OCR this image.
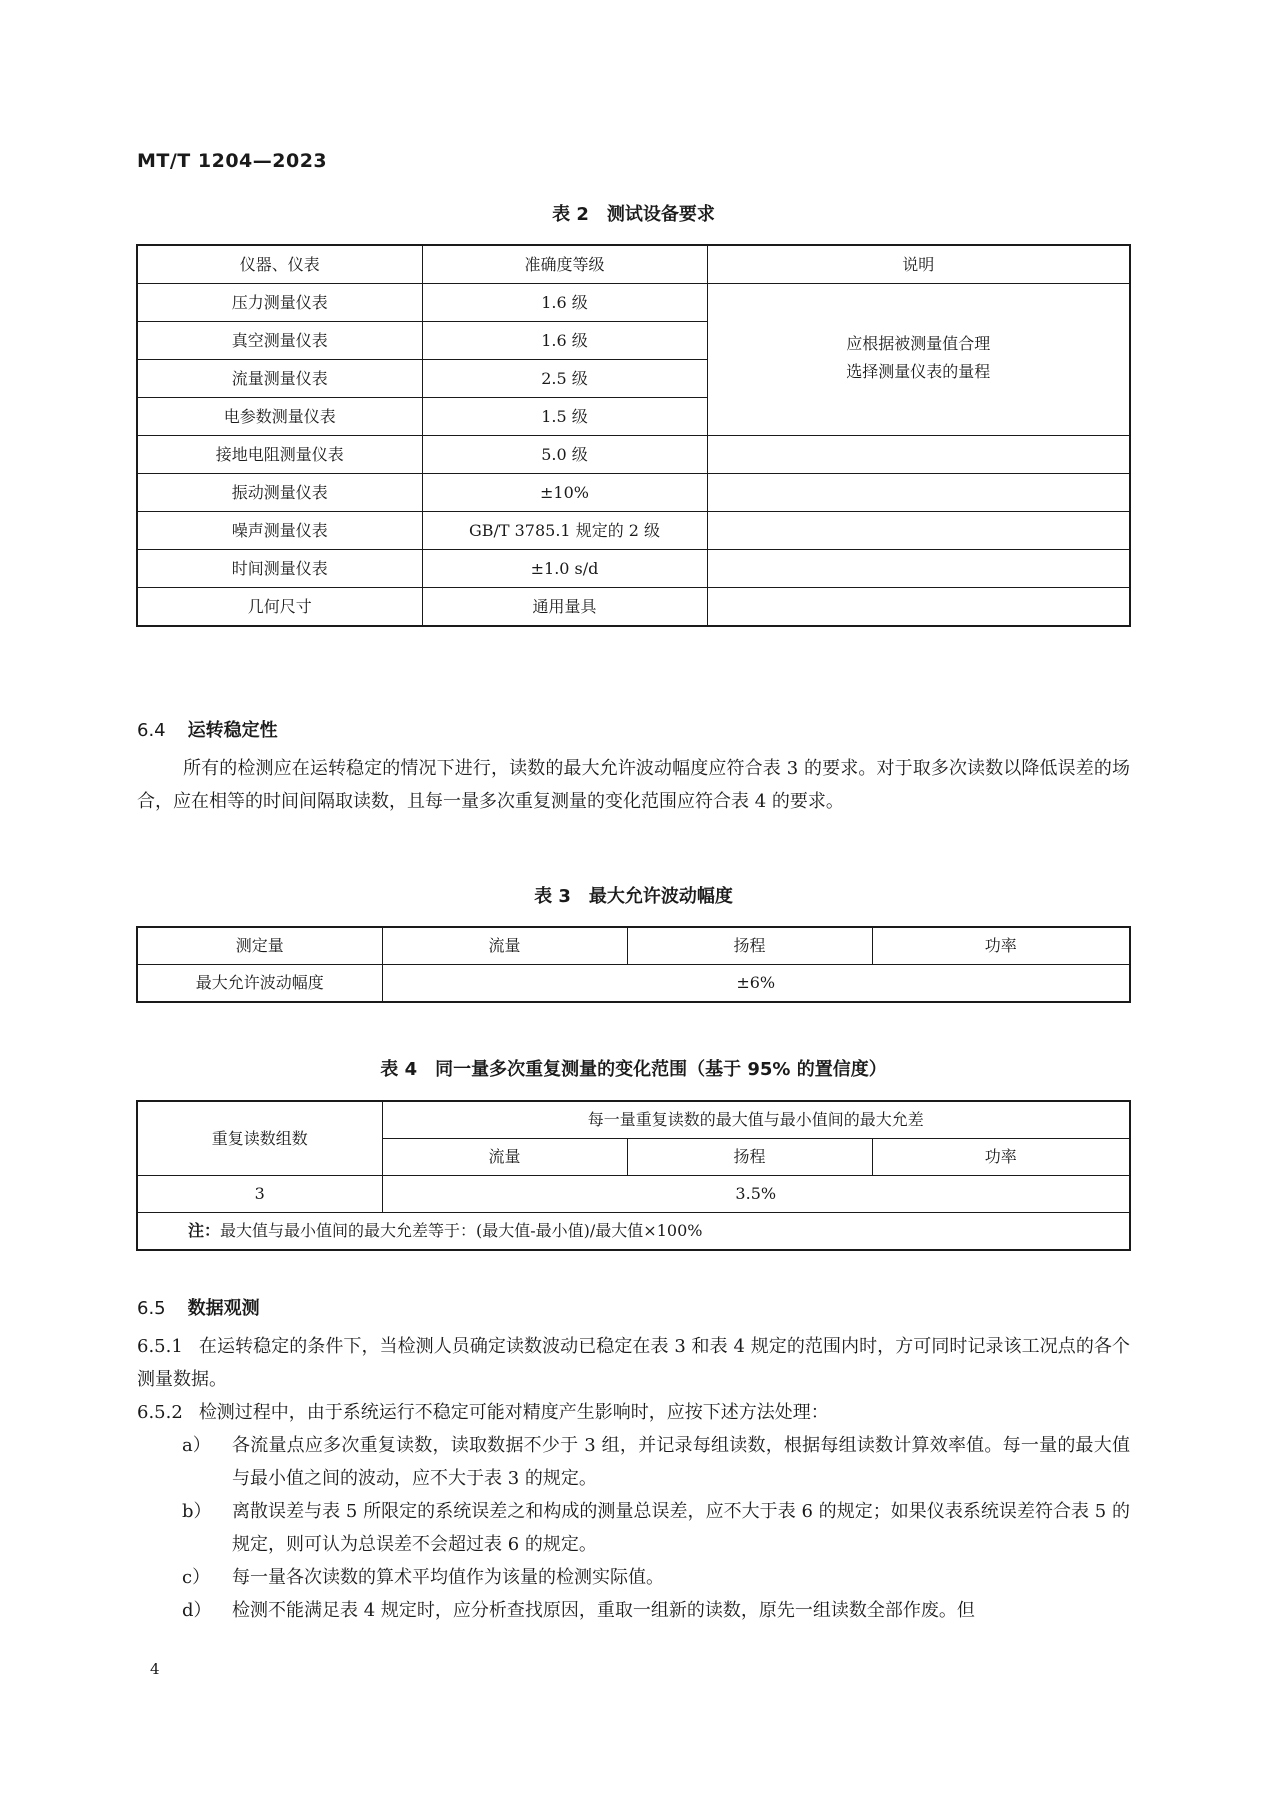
MT/T 1204—2023
表 2　测试设备要求
仪器、仪表	准确度等级	说明
压力测量仪表	1.6 级	应根据被测量值合理
选择测量仪表的量程

真空测量仪表	1.6 级	
流量测量仪表	2.5 级	
电参数测量仪表	1.5 级	
接地电阻测量仪表	5.0 级	
振动测量仪表	±10%	
噪声测量仪表	GB/T 3785.1 规定的 2 级	
时间测量仪表	±1.0 s/d	
几何尺寸	通用量具	
6.4 运转稳定性
所有的检测应在运转稳定的情况下进行，读数的最大允许波动幅度应符合表 3 的要求。对于取多次读数以降低误差的场合，应在相等的时间间隔取读数，且每一量多次重复测量的变化范围应符合表 4 的要求。
表 3　最大允许波动幅度
测定量	流量	扬程	功率
最大允许波动幅度	±6%		
表 4　同一量多次重复测量的变化范围（基于 95% 的置信度）
重复读数组数	每一量重复读数的最大值与最小值间的最大允差		
	流量	扬程	功率
3	3.5%		
注：最大值与最小值间的最大允差等于：(最大值-最小值)/最大值×100%			
6.5 数据观测
6.5.1 在运转稳定的条件下，当检测人员确定读数波动已稳定在表 3 和表 4 规定的范围内时，方可同时记录该工况点的各个测量数据。
6.5.2 检测过程中，由于系统运行不稳定可能对精度产生影响时，应按下述方法处理：
a） 各流量点应多次重复读数，读取数据不少于 3 组，并记录每组读数，根据每组读数计算效率值。每一量的最大值与最小值之间的波动，应不大于表 3 的规定。
b） 离散误差与表 5 所限定的系统误差之和构成的测量总误差，应不大于表 6 的规定；如果仪表系统误差符合表 5 的规定，则可认为总误差不会超过表 6 的规定。
c） 每一量各次读数的算术平均值作为该量的检测实际值。
d） 检测不能满足表 4 规定时，应分析查找原因，重取一组新的读数，原先一组读数全部作废。但
4
